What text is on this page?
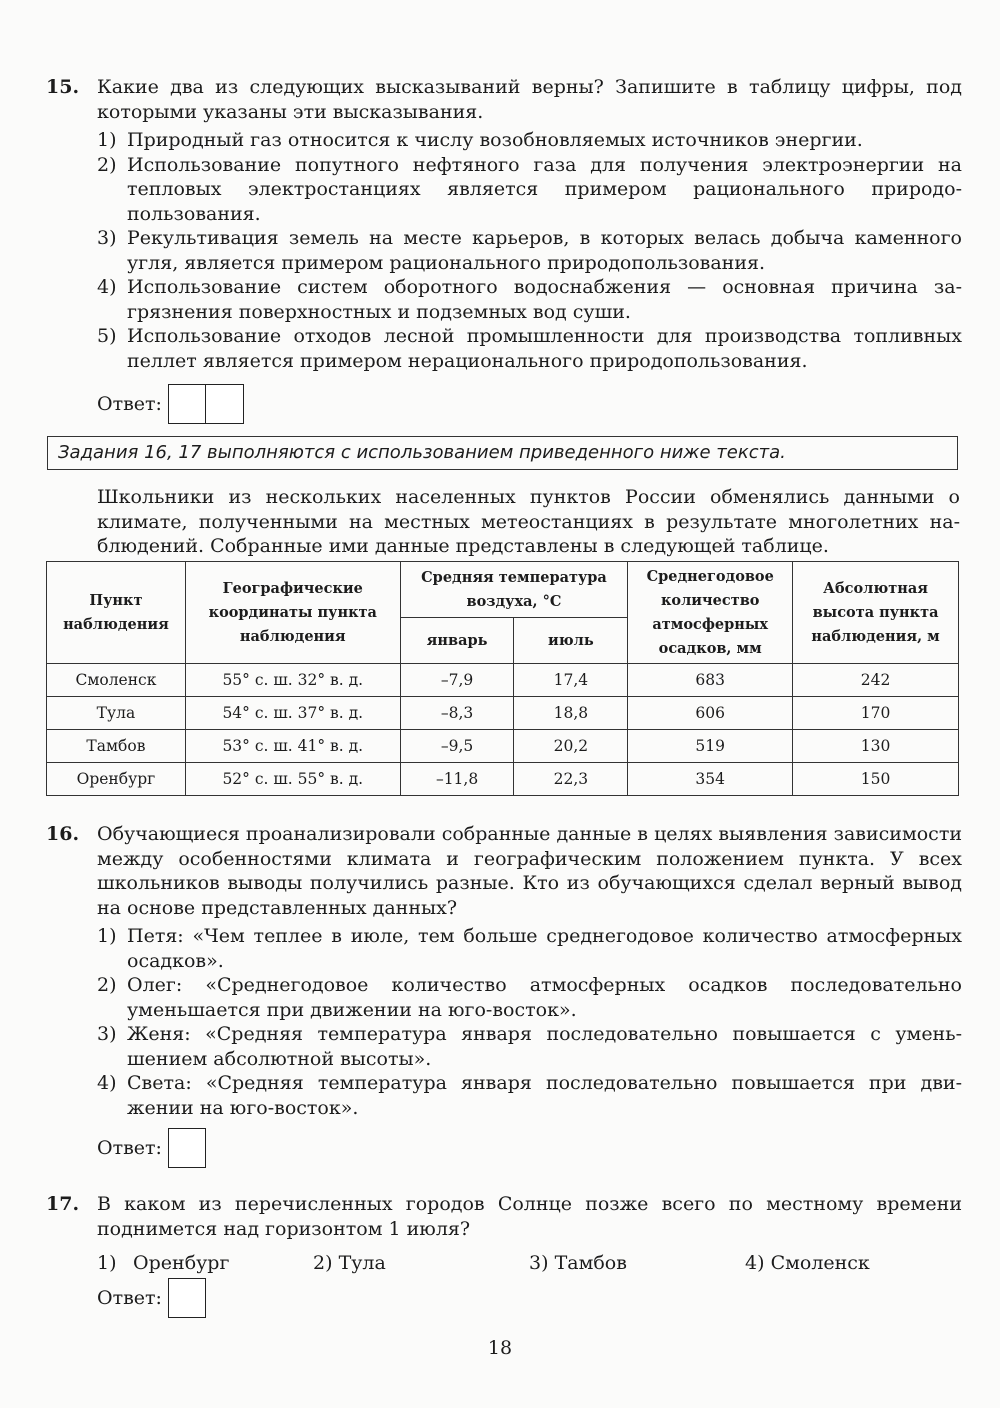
15. Какие два из следующих высказываний верны? Запишите в таблицу цифры, под которыми указаны эти высказывания.
1) Природный газ относится к числу возобновляемых источников энергии.
2) Использование попутного нефтяного газа для получения электроэнергии на тепловых электростанциях является примером рационального природопользования.
3) Рекультивация земель на месте карьеров, в которых велась добыча каменного угля, является примером рационального природопользования.
4) Использование систем оборотного водоснабжения — основная причина загрязнения поверхностных и подземных вод суши.
5) Использование отходов лесной промышленности для производства топливных пеллет является примером нерационального природопользования.
Ответ:
Задания 16, 17 выполняются с использованием приведенного ниже текста.
Школьники из нескольких населенных пунктов России обменялись данными о климате, полученными на местных метеостанциях в результате многолетних наблюдений. Собранные ими данные представлены в следующей таблице.
Пункт наблюдения	Географические координаты пункта наблюдения	Средняя температура воздуха, °С		Среднегодовое количество атмосферных осадков, мм	Абсолютная высота пункта наблюдения, м
		январь	июль		
Смоленск	55° с. ш. 32° в. д.	–7,9	17,4	683	242
Тула	54° с. ш. 37° в. д.	–8,3	18,8	606	170
Тамбов	53° с. ш. 41° в. д.	–9,5	20,2	519	130
Оренбург	52° с. ш. 55° в. д.	–11,8	22,3	354	150
16. Обучающиеся проанализировали собранные данные в целях выявления зависимости между особенностями климата и географическим положением пункта. У всех школьников выводы получились разные. Кто из обучающихся сделал верный вывод на основе представленных данных?
1) Петя: «Чем теплее в июле, тем больше среднегодовое количество атмосферных осадков».
2) Олег: «Среднегодовое количество атмосферных осадков последовательно уменьшается при движении на юго-восток».
3) Женя: «Средняя температура января последовательно повышается с уменьшением абсолютной высоты».
4) Света: «Средняя температура января последовательно повышается при движении на юго-восток».
Ответ:
17. В каком из перечисленных городов Солнце позже всего по местному времени поднимется над горизонтом 1 июля?
1)
Оренбург	2)
Тула	3)
Тамбов	4)
Смоленск
Ответ:
18
